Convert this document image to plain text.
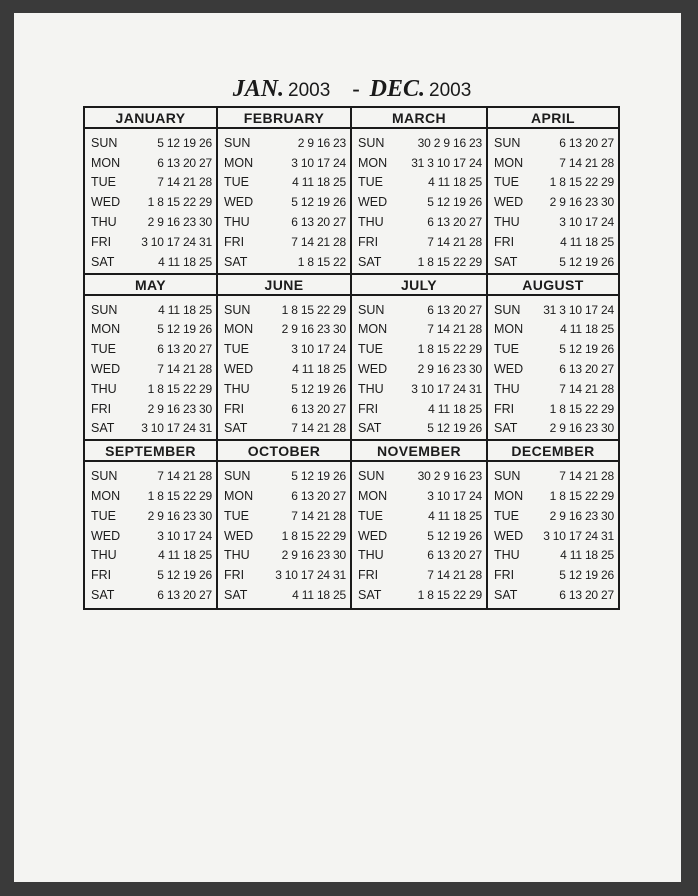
JAN. 2003 - DEC. 2003
JANUARY
SUN	5 12 19 26
MON	6 13 20 27
TUE	7 14 21 28
WED	1 8 15 22 29
THU	2 9 16 23 30
FRI	3 10 17 24 31
SAT	4 11 18 25
FEBRUARY
SUN	2 9 16 23
MON	3 10 17 24
TUE	4 11 18 25
WED	5 12 19 26
THU	6 13 20 27
FRI	7 14 21 28
SAT	1 8 15 22
MARCH
SUN	30 2 9 16 23
MON	31 3 10 17 24
TUE	4 11 18 25
WED	5 12 19 26
THU	6 13 20 27
FRI	7 14 21 28
SAT	1 8 15 22 29
APRIL
SUN	6 13 20 27
MON	7 14 21 28
TUE	1 8 15 22 29
WED	2 9 16 23 30
THU	3 10 17 24
FRI	4 11 18 25
SAT	5 12 19 26
MAY
SUN	4 11 18 25
MON	5 12 19 26
TUE	6 13 20 27
WED	7 14 21 28
THU	1 8 15 22 29
FRI	2 9 16 23 30
SAT	3 10 17 24 31
JUNE
SUN	1 8 15 22 29
MON	2 9 16 23 30
TUE	3 10 17 24
WED	4 11 18 25
THU	5 12 19 26
FRI	6 13 20 27
SAT	7 14 21 28
JULY
SUN	6 13 20 27
MON	7 14 21 28
TUE	1 8 15 22 29
WED	2 9 16 23 30
THU	3 10 17 24 31
FRI	4 11 18 25
SAT	5 12 19 26
AUGUST
SUN	31 3 10 17 24
MON	4 11 18 25
TUE	5 12 19 26
WED	6 13 20 27
THU	7 14 21 28
FRI	1 8 15 22 29
SAT	2 9 16 23 30
SEPTEMBER
SUN	7 14 21 28
MON	1 8 15 22 29
TUE	2 9 16 23 30
WED	3 10 17 24
THU	4 11 18 25
FRI	5 12 19 26
SAT	6 13 20 27
OCTOBER
SUN	5 12 19 26
MON	6 13 20 27
TUE	7 14 21 28
WED	1 8 15 22 29
THU	2 9 16 23 30
FRI	3 10 17 24 31
SAT	4 11 18 25
NOVEMBER
SUN	30 2 9 16 23
MON	3 10 17 24
TUE	4 11 18 25
WED	5 12 19 26
THU	6 13 20 27
FRI	7 14 21 28
SAT	1 8 15 22 29
DECEMBER
SUN	7 14 21 28
MON	1 8 15 22 29
TUE	2 9 16 23 30
WED	3 10 17 24 31
THU	4 11 18 25
FRI	5 12 19 26
SAT	6 13 20 27
